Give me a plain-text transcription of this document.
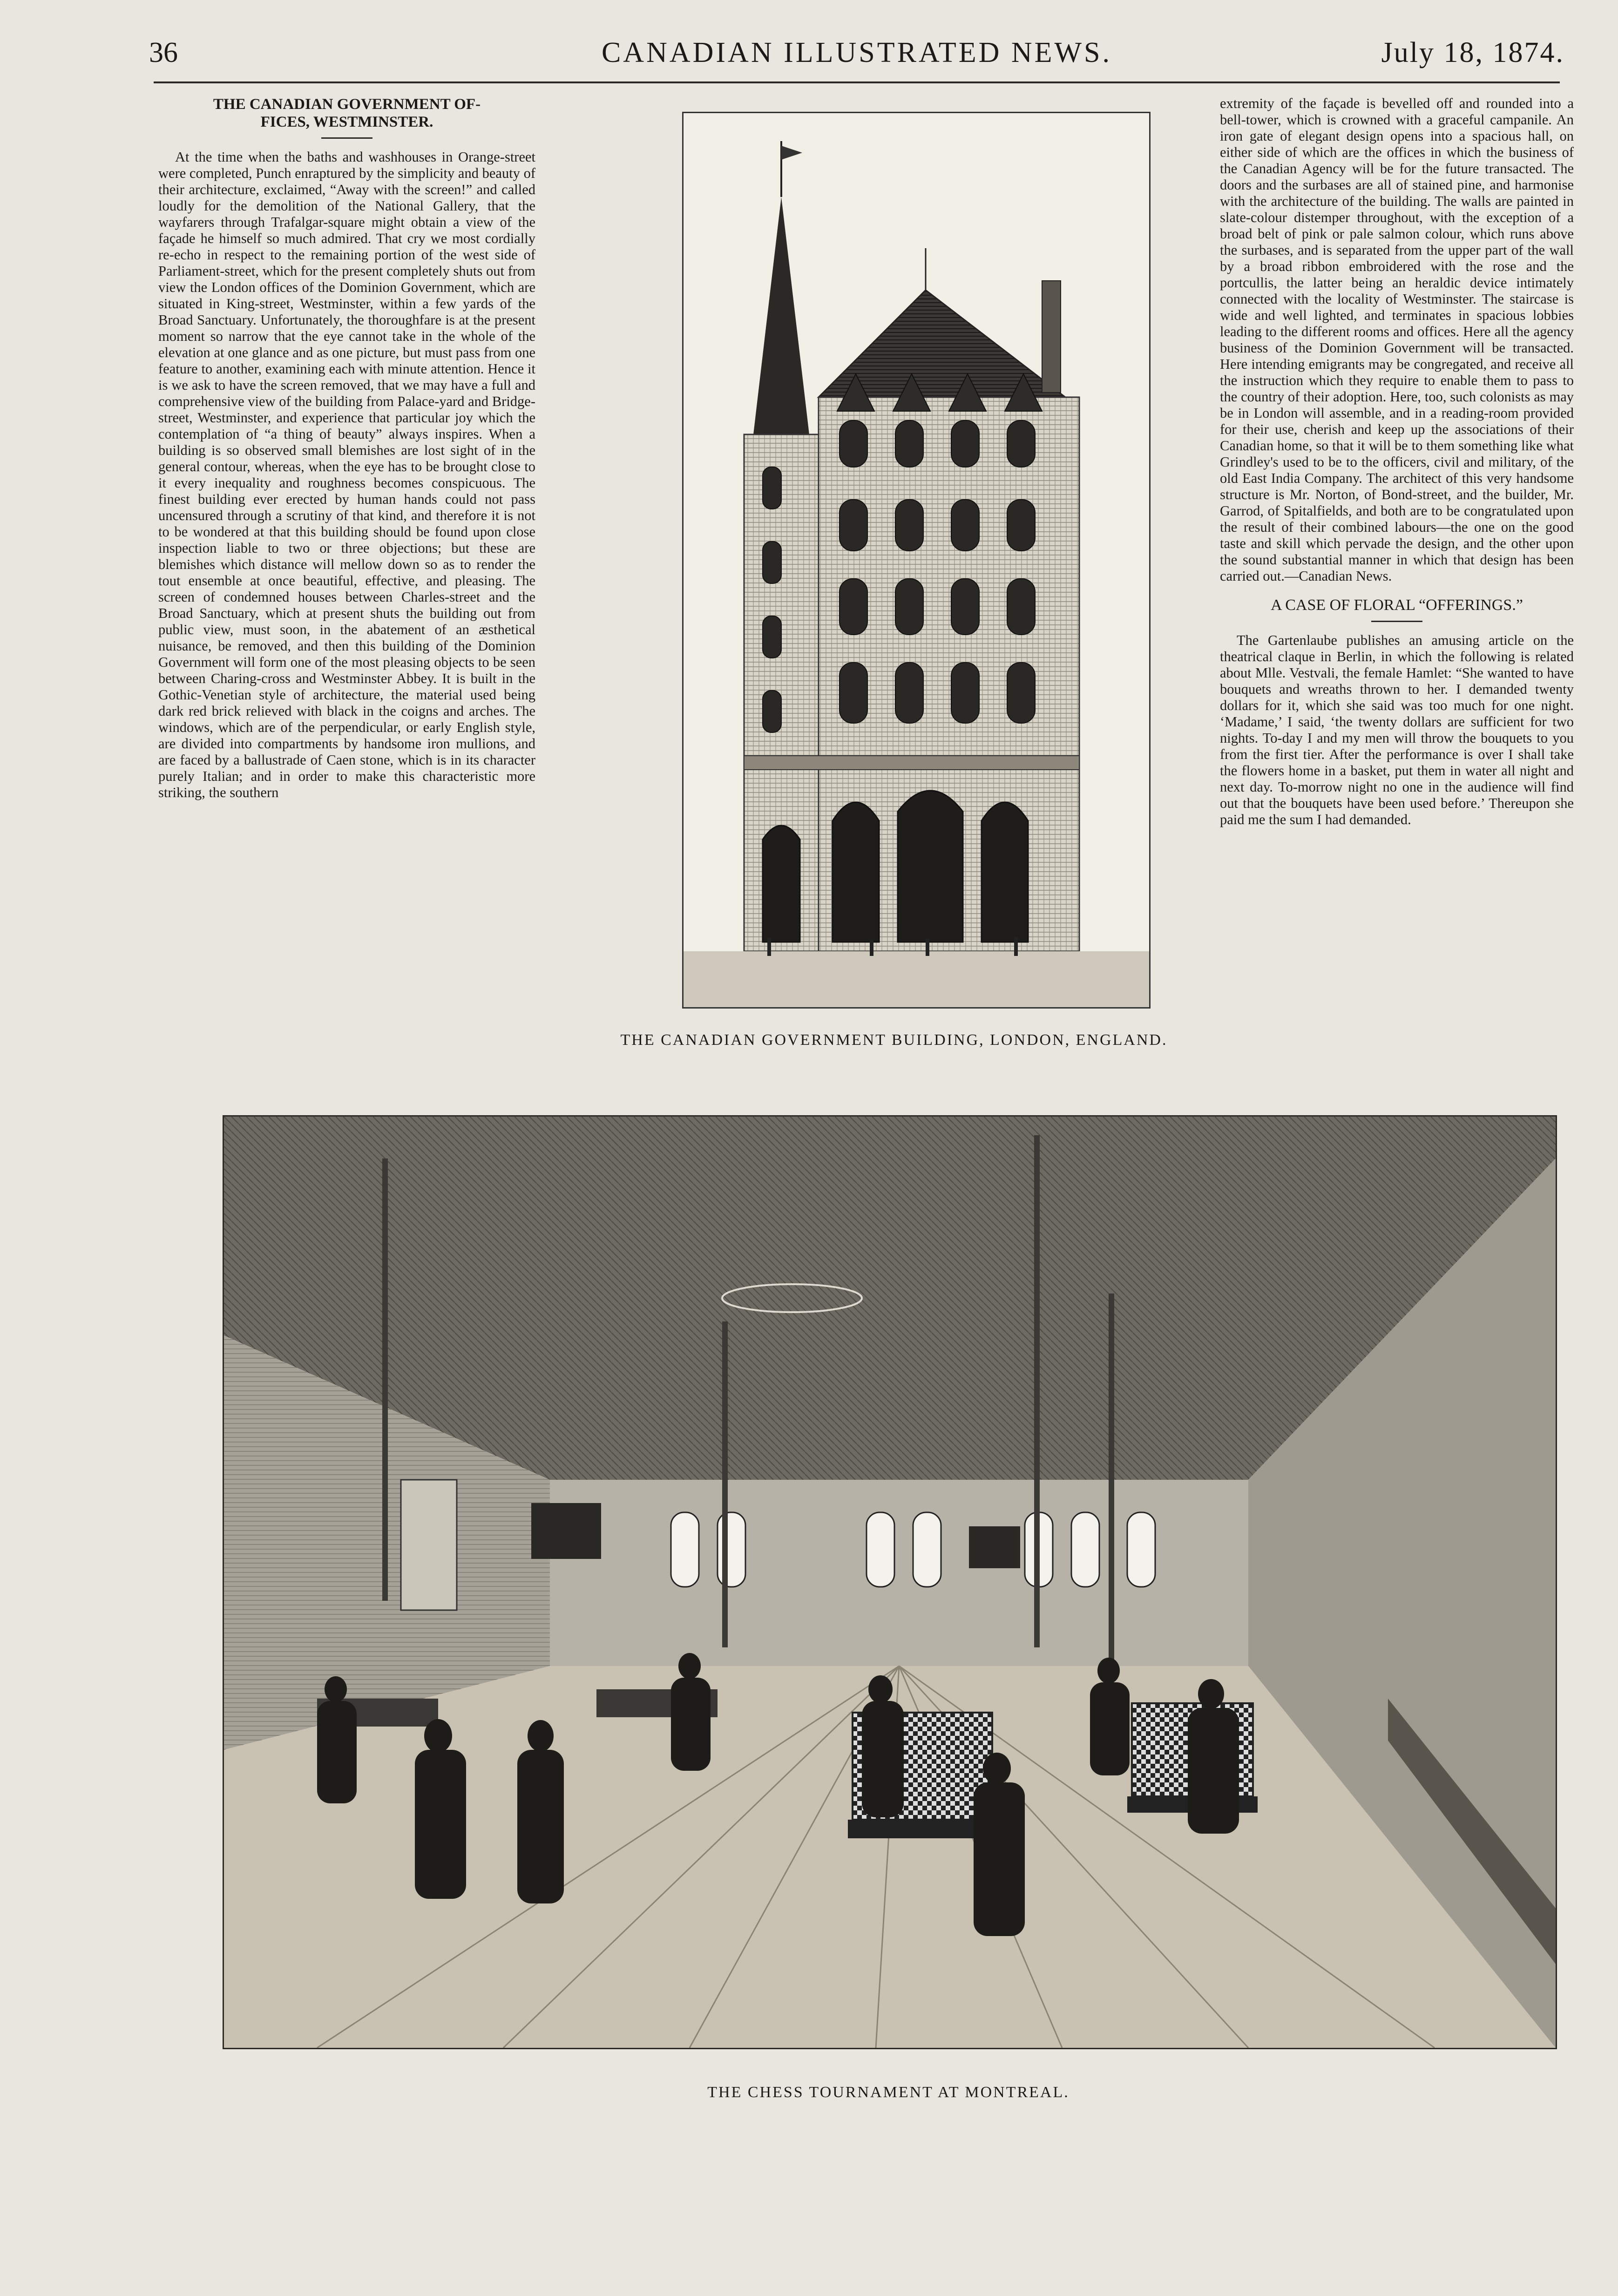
36	CANADIAN ILLUSTRATED NEWS.	July 18, 1874.
THE CANADIAN GOVERNMENT OF-
FICES, WESTMINSTER.

At the time when the baths and washhouses in Orange-street were completed, Punch enraptured by the simplicity and beauty of their architecture, exclaimed, “Away with the screen!” and called loudly for the demolition of the National Gallery, that the wayfarers through Trafalgar-square might obtain a view of the façade he himself so much admired. That cry we most cordially re-echo in respect to the remaining portion of the west side of Parliament-street, which for the present completely shuts out from view the London offices of the Dominion Government, which are situated in King-street, Westminster, within a few yards of the Broad Sanctuary. Unfortunately, the thoroughfare is at the present moment so narrow that the eye cannot take in the whole of the elevation at one glance and as one picture, but must pass from one feature to another, examining each with minute attention. Hence it is we ask to have the screen removed, that we may have a full and comprehensive view of the building from Palace-yard and Bridge-street, Westminster, and experience that particular joy which the contemplation of “a thing of beauty” always inspires. When a building is so observed small blemishes are lost sight of in the general contour, whereas, when the eye has to be brought close to it every inequality and roughness becomes conspicuous. The finest building ever erected by human hands could not pass uncensured through a scrutiny of that kind, and therefore it is not to be wondered at that this building should be found upon close inspection liable to two or three objections; but these are blemishes which distance will mellow down so as to render the tout ensemble at once beautiful, effective, and pleasing. The screen of condemned houses between Charles-street and the Broad Sanctuary, which at present shuts the building out from public view, must soon, in the abatement of an æsthetical nuisance, be removed, and then this building of the Dominion Government will form one of the most pleasing objects to be seen between Charing-cross and Westminster Abbey. It is built in the Gothic-Venetian style of architecture, the material used being dark red brick relieved with black in the coigns and arches. The windows, which are of the perpendicular, or early English style, are divided into compartments by handsome iron mullions, and are faced by a ballustrade of Caen stone, which is in its character purely Italian; and in order to make this characteristic more striking, the southern

THE CANADIAN GOVERNMENT BUILDING, LONDON, ENGLAND.

extremity of the façade is bevelled off and rounded into a bell-tower, which is crowned with a graceful campanile. An iron gate of elegant design opens into a spacious hall, on either side of which are the offices in which the business of the Canadian Agency will be for the future transacted. The doors and the surbases are all of stained pine, and harmonise with the architecture of the building. The walls are painted in slate-colour distemper throughout, with the exception of a broad belt of pink or pale salmon colour, which runs above the surbases, and is separated from the upper part of the wall by a broad ribbon embroidered with the rose and the portcullis, the latter being an heraldic device intimately connected with the locality of Westminster. The staircase is wide and well lighted, and terminates in spacious lobbies leading to the different rooms and offices. Here all the agency business of the Dominion Government will be transacted. Here intending emigrants may be congregated, and receive all the instruction which they require to enable them to pass to the country of their adoption. Here, too, such colonists as may be in London will assemble, and in a reading-room provided for their use, cherish and keep up the associations of their Canadian home, so that it will be to them something like what Grindley's used to be to the officers, civil and military, of the old East India Company. The architect of this very handsome structure is Mr. Norton, of Bond-street, and the builder, Mr. Garrod, of Spitalfields, and both are to be congratulated upon the result of their combined labours—the one on the good taste and skill which pervade the design, and the other upon the sound substantial manner in which that design has been carried out.—Canadian News.

A CASE OF FLORAL “OFFERINGS.”

The Gartenlaube publishes an amusing article on the theatrical claque in Berlin, in which the following is related about Mlle. Vestvali, the female Hamlet: “She wanted to have bouquets and wreaths thrown to her. I demanded twenty dollars for it, which she said was too much for one night. ‘Madame,’ I said, ‘the twenty dollars are sufficient for two nights. To-day I and my men will throw the bouquets to you from the first tier. After the performance is over I shall take the flowers home in a basket, put them in water all night and next day. To-morrow night no one in the audience will find out that the bouquets have been used before.’ Thereupon she paid me the sum I had demanded.

THE CHESS TOURNAMENT AT MONTREAL.
